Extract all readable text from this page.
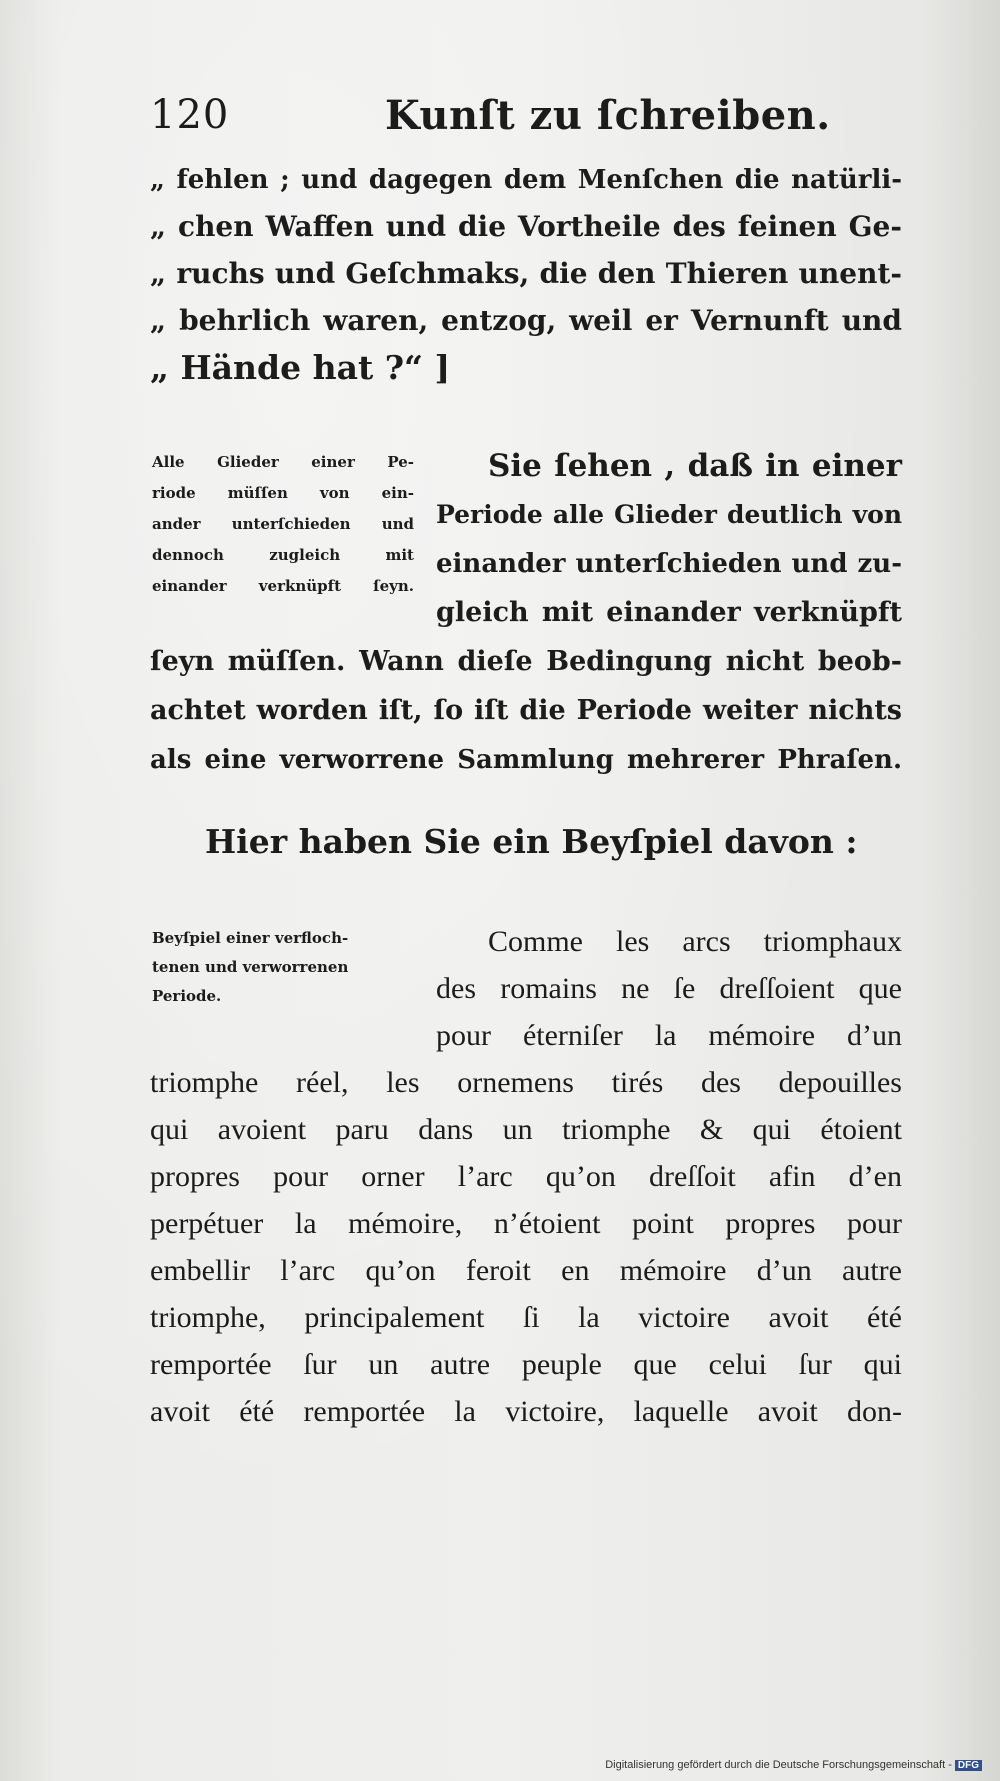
120	Kunſt zu ſchreiben.
„ fehlen ; und dagegen dem Menſchen die natürli-
„ chen Waffen und die Vortheile des feinen Ge-
„ ruchs und Geſchmaks, die den Thieren unent-
„ behrlich waren, entzog, weil er Vernunft und
„ Hände hat ?“ ]
Alle Glieder einer Pe-
riode müſſen von ein-
ander unterſchieden und
dennoch zugleich mit
einander verknüpft ſeyn.
Sie ſehen , daß in einer
Periode alle Glieder deutlich von
einander unterſchieden und zu-
gleich mit einander verknüpft
ſeyn müſſen. Wann dieſe Bedingung nicht beob-
achtet worden iſt, ſo iſt die Periode weiter nichts
als eine verworrene Sammlung mehrerer Phraſen.
Hier haben Sie ein Beyſpiel davon :
Beyſpiel einer verfloch-
tenen und verworrenen
Periode.
Comme les arcs triomphaux
des romains ne ſe dreſſoient que
pour éterniſer la mémoire d’un
triomphe réel, les ornemens tirés des depouilles
qui avoient paru dans un triomphe & qui étoient
propres pour orner l’arc qu’on dreſſoit afin d’en
perpétuer la mémoire, n’étoient point propres pour
embellir l’arc qu’on feroit en mémoire d’un autre
triomphe, principalement ſi la victoire avoit été
remportée ſur un autre peuple que celui ſur qui
avoit été remportée la victoire, laquelle avoit don-
Digitalisierung gefördert durch die Deutsche Forschungsgemeinschaft - DFG
